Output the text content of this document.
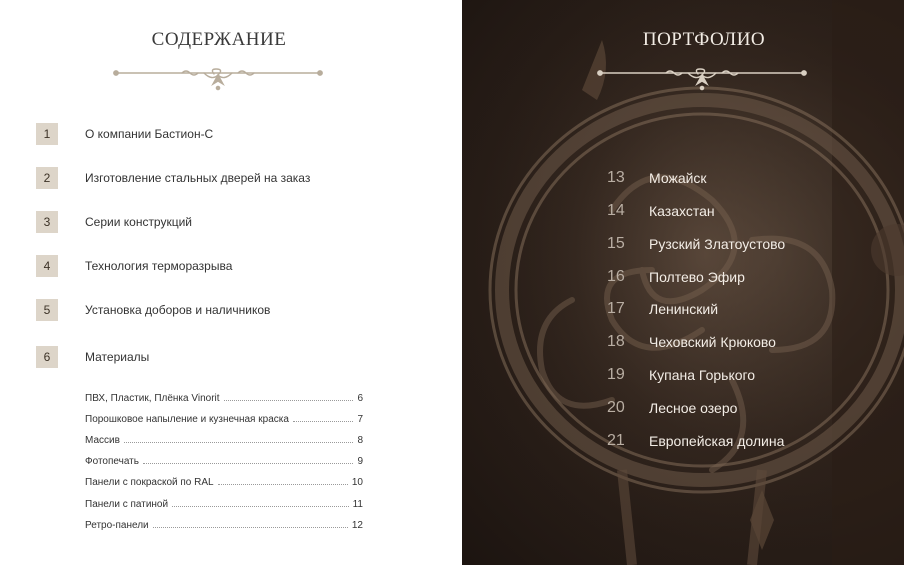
СОДЕРЖАНИЕ
1	О компании Бастион-С
2	Изготовление стальных дверей на заказ
3	Серии конструкций
4	Технология терморазрыва
5	Установка доборов и наличников
6	Материалы
ПВХ, Пластик, Плёнка Vinorit	6
Порошковое напыление и кузнечная краска	7
Массив	8
Фотопечать	9
Панели с покраской по RAL	10
Панели с патиной	11
Ретро-панели	12
ПОРТФОЛИО
13	Можайск
14	Казахстан
15	Рузский Златоустово
16	Полтево Эфир
17	Ленинский
18	Чеховский Крюково
19	Купана Горького
20	Лесное озеро
21	Европейская долина
